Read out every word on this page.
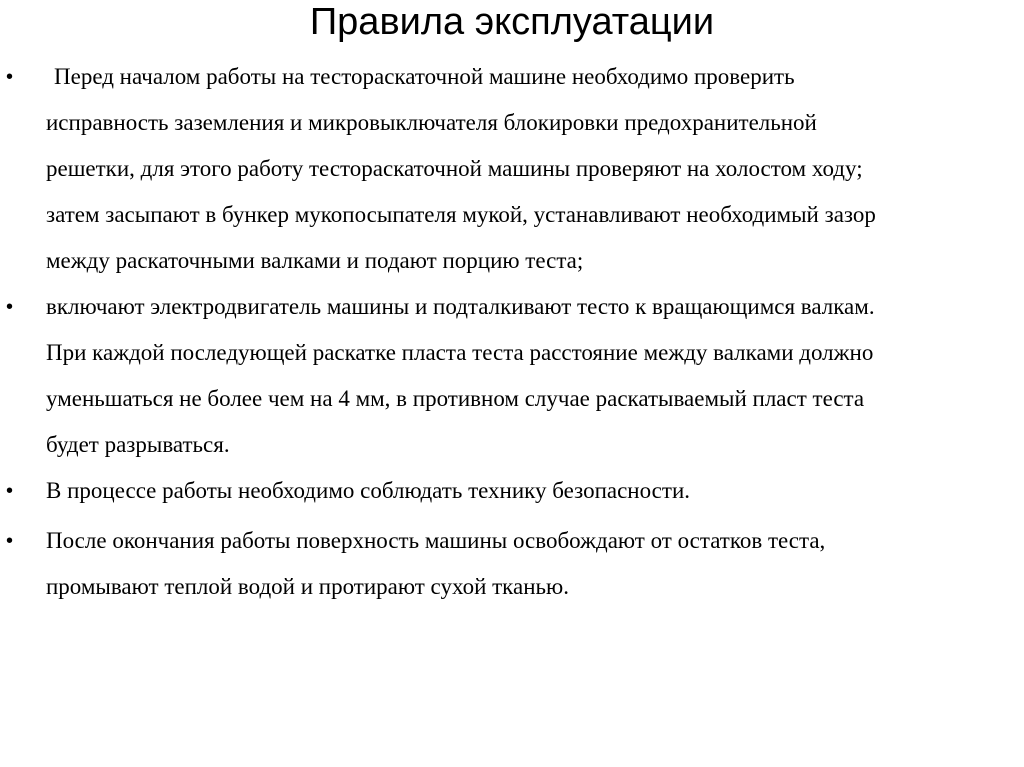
Правила эксплуатации
•	Перед началом работы на тестораскаточной машине необходимо проверить
исправность заземления и микровыключателя блокировки предохранительной
решетки, для этого работу тестораскаточной машины проверяют на холостом ходу;
затем засыпают в бункер мукопосыпателя мукой, устанавливают необходимый зазор
между раскаточными валками и подают порцию теста;
• включают электродвигатель машины и подталкивают тесто к вращающимся валкам.
При каждой последующей раскатке пласта теста расстояние между валками должно
уменьшаться не более чем на 4 мм, в противном случае раскатываемый пласт теста
будет разрываться.
• В процессе работы необходимо соблюдать технику безопасности.
• После окончания работы поверхность машины освобождают от остатков теста,
промывают теплой водой и протирают сухой тканью.
